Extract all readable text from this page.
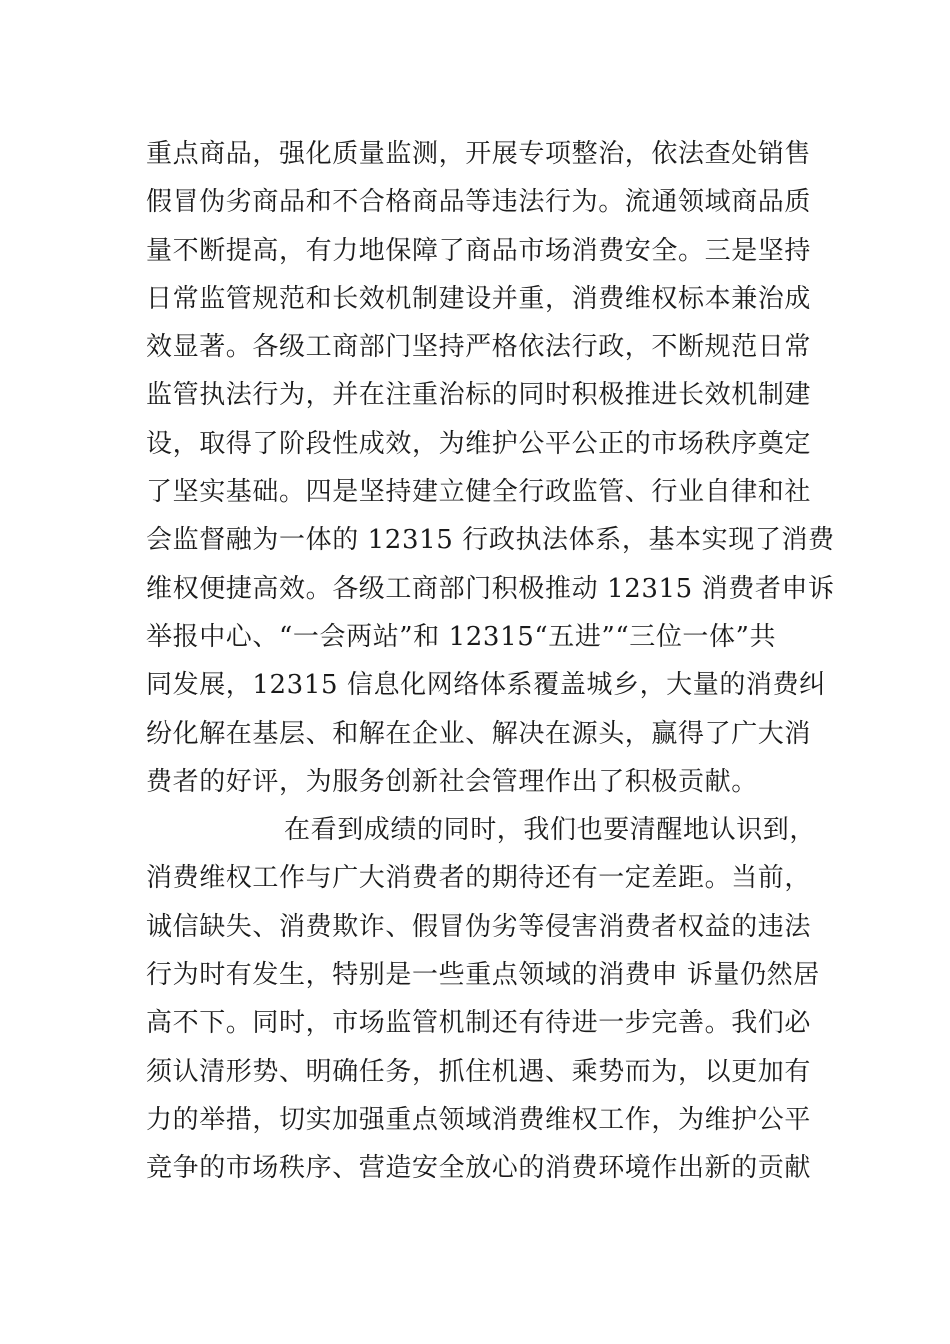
重点商品，强化质量监测，开展专项整治，依法查处销售
假冒伪劣商品和不合格商品等违法行为。流通领域商品质
量不断提高，有力地保障了商品市场消费安全。三是坚持
日常监管规范和长效机制建设并重，消费维权标本兼治成
效显著。各级工商部门坚持严格依法行政，不断规范日常
监管执法行为，并在注重治标的同时积极推进长效机制建
设，取得了阶段性成效，为维护公平公正的市场秩序奠定
了坚实基础。四是坚持建立健全行政监管、行业自律和社
会监督融为一体的 12315 行政执法体系，基本实现了消费
维权便捷高效。各级工商部门积极推动 12315 消费者申诉
举报中心、“一会两站”和 12315“五进”“三位一体”共
同发展，12315 信息化网络体系覆盖城乡，大量的消费纠
纷化解在基层、和解在企业、解决在源头，赢得了广大消
费者的好评，为服务创新社会管理作出了积极贡献。
在看到成绩的同时，我们也要清醒地认识到，
消费维权工作与广大消费者的期待还有一定差距。当前，
诚信缺失、消费欺诈、假冒伪劣等侵害消费者权益的违法
行为时有发生，特别是一些重点领域的消费申 诉量仍然居
高不下。同时，市场监管机制还有待进一步完善。我们必
须认清形势、明确任务，抓住机遇、乘势而为，以更加有
力的举措，切实加强重点领域消费维权工作，为维护公平
竞争的市场秩序、营造安全放心的消费环境作出新的贡献
